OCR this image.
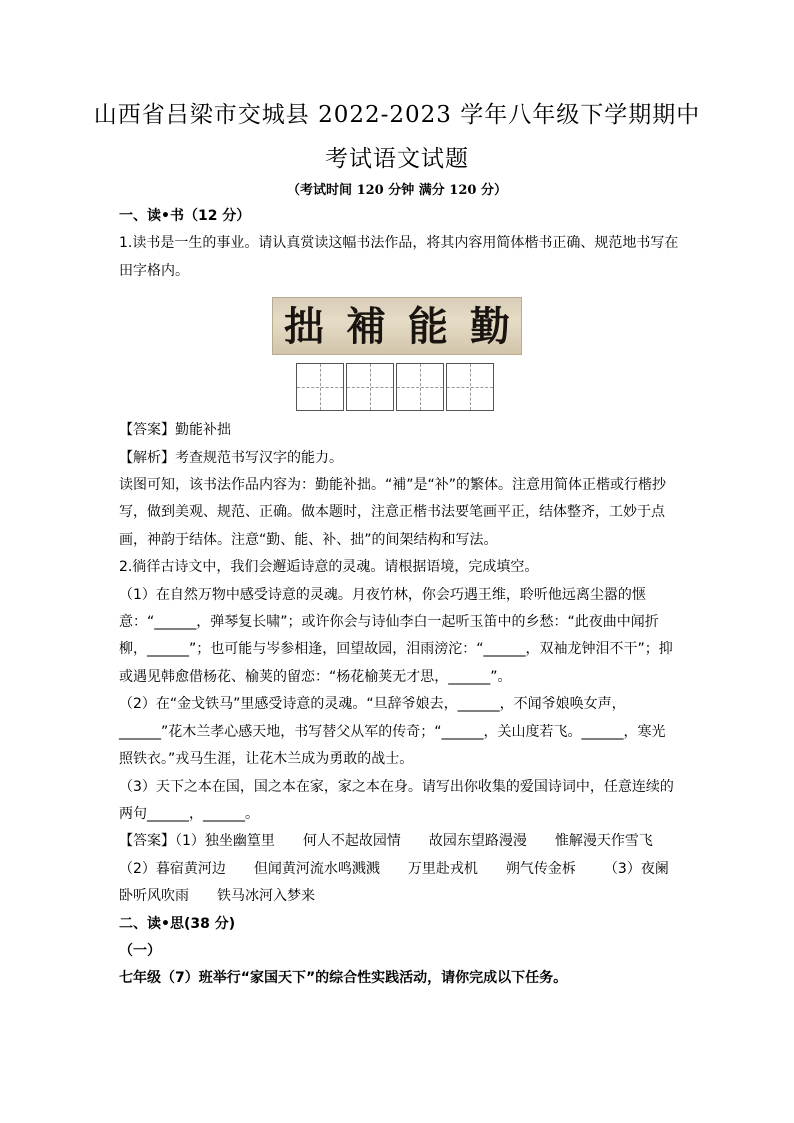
山西省吕梁市交城县 2022-2023 学年八年级下学期期中
考试语文试题
（考试时间 120 分钟 满分 120 分）

一、读•书（12 分）

1.读书是一生的事业。请认真赏读这幅书法作品，将其内容用简体楷书正确、规范地书写在田字格内。

拙 補 能 勤

【答案】勤能补拙

【解析】考查规范书写汉字的能力。

读图可知，该书法作品内容为：勤能补拙。“補”是“补”的繁体。注意用简体正楷或行楷抄写，做到美观、规范、正确。做本题时，注意正楷书法要笔画平正，结体整齐，工妙于点画，神韵于结体。注意“勤、能、补、拙”的间架结构和写法。

2.徜徉古诗文中，我们会邂逅诗意的灵魂。请根据语境，完成填空。

（1）在自然万物中感受诗意的灵魂。月夜竹林，你会巧遇王维，聆听他远离尘嚣的惬意：“______，弹琴复长啸”；或许你会与诗仙李白一起听玉笛中的乡愁：“此夜曲中闻折柳，______”；也可能与岑参相逢，回望故园，泪雨滂沱：“______，双袖龙钟泪不干”；抑或遇见韩愈借杨花、榆荚的留恋：“杨花榆荚无才思，______”。

（2）在“金戈铁马”里感受诗意的灵魂。“旦辞爷娘去，______，不闻爷娘唤女声，______”花木兰孝心感天地，书写替父从军的传奇；“______，关山度若飞。______，寒光照铁衣。”戎马生涯，让花木兰成为勇敢的战士。

（3）天下之本在国，国之本在家，家之本在身。请写出你收集的爱国诗词中，任意连续的两句______，______。

【答案】（1）独坐幽篁里 何人不起故园情 故园东望路漫漫 惟解漫天作雪飞 （2）暮宿黄河边 但闻黄河流水鸣溅溅 万里赴戎机 朔气传金柝 （3）夜阑卧听风吹雨 铁马冰河入梦来

二、读•思(38 分)

（一）

七年级（7）班举行“家国天下”的综合性实践活动，请你完成以下任务。
